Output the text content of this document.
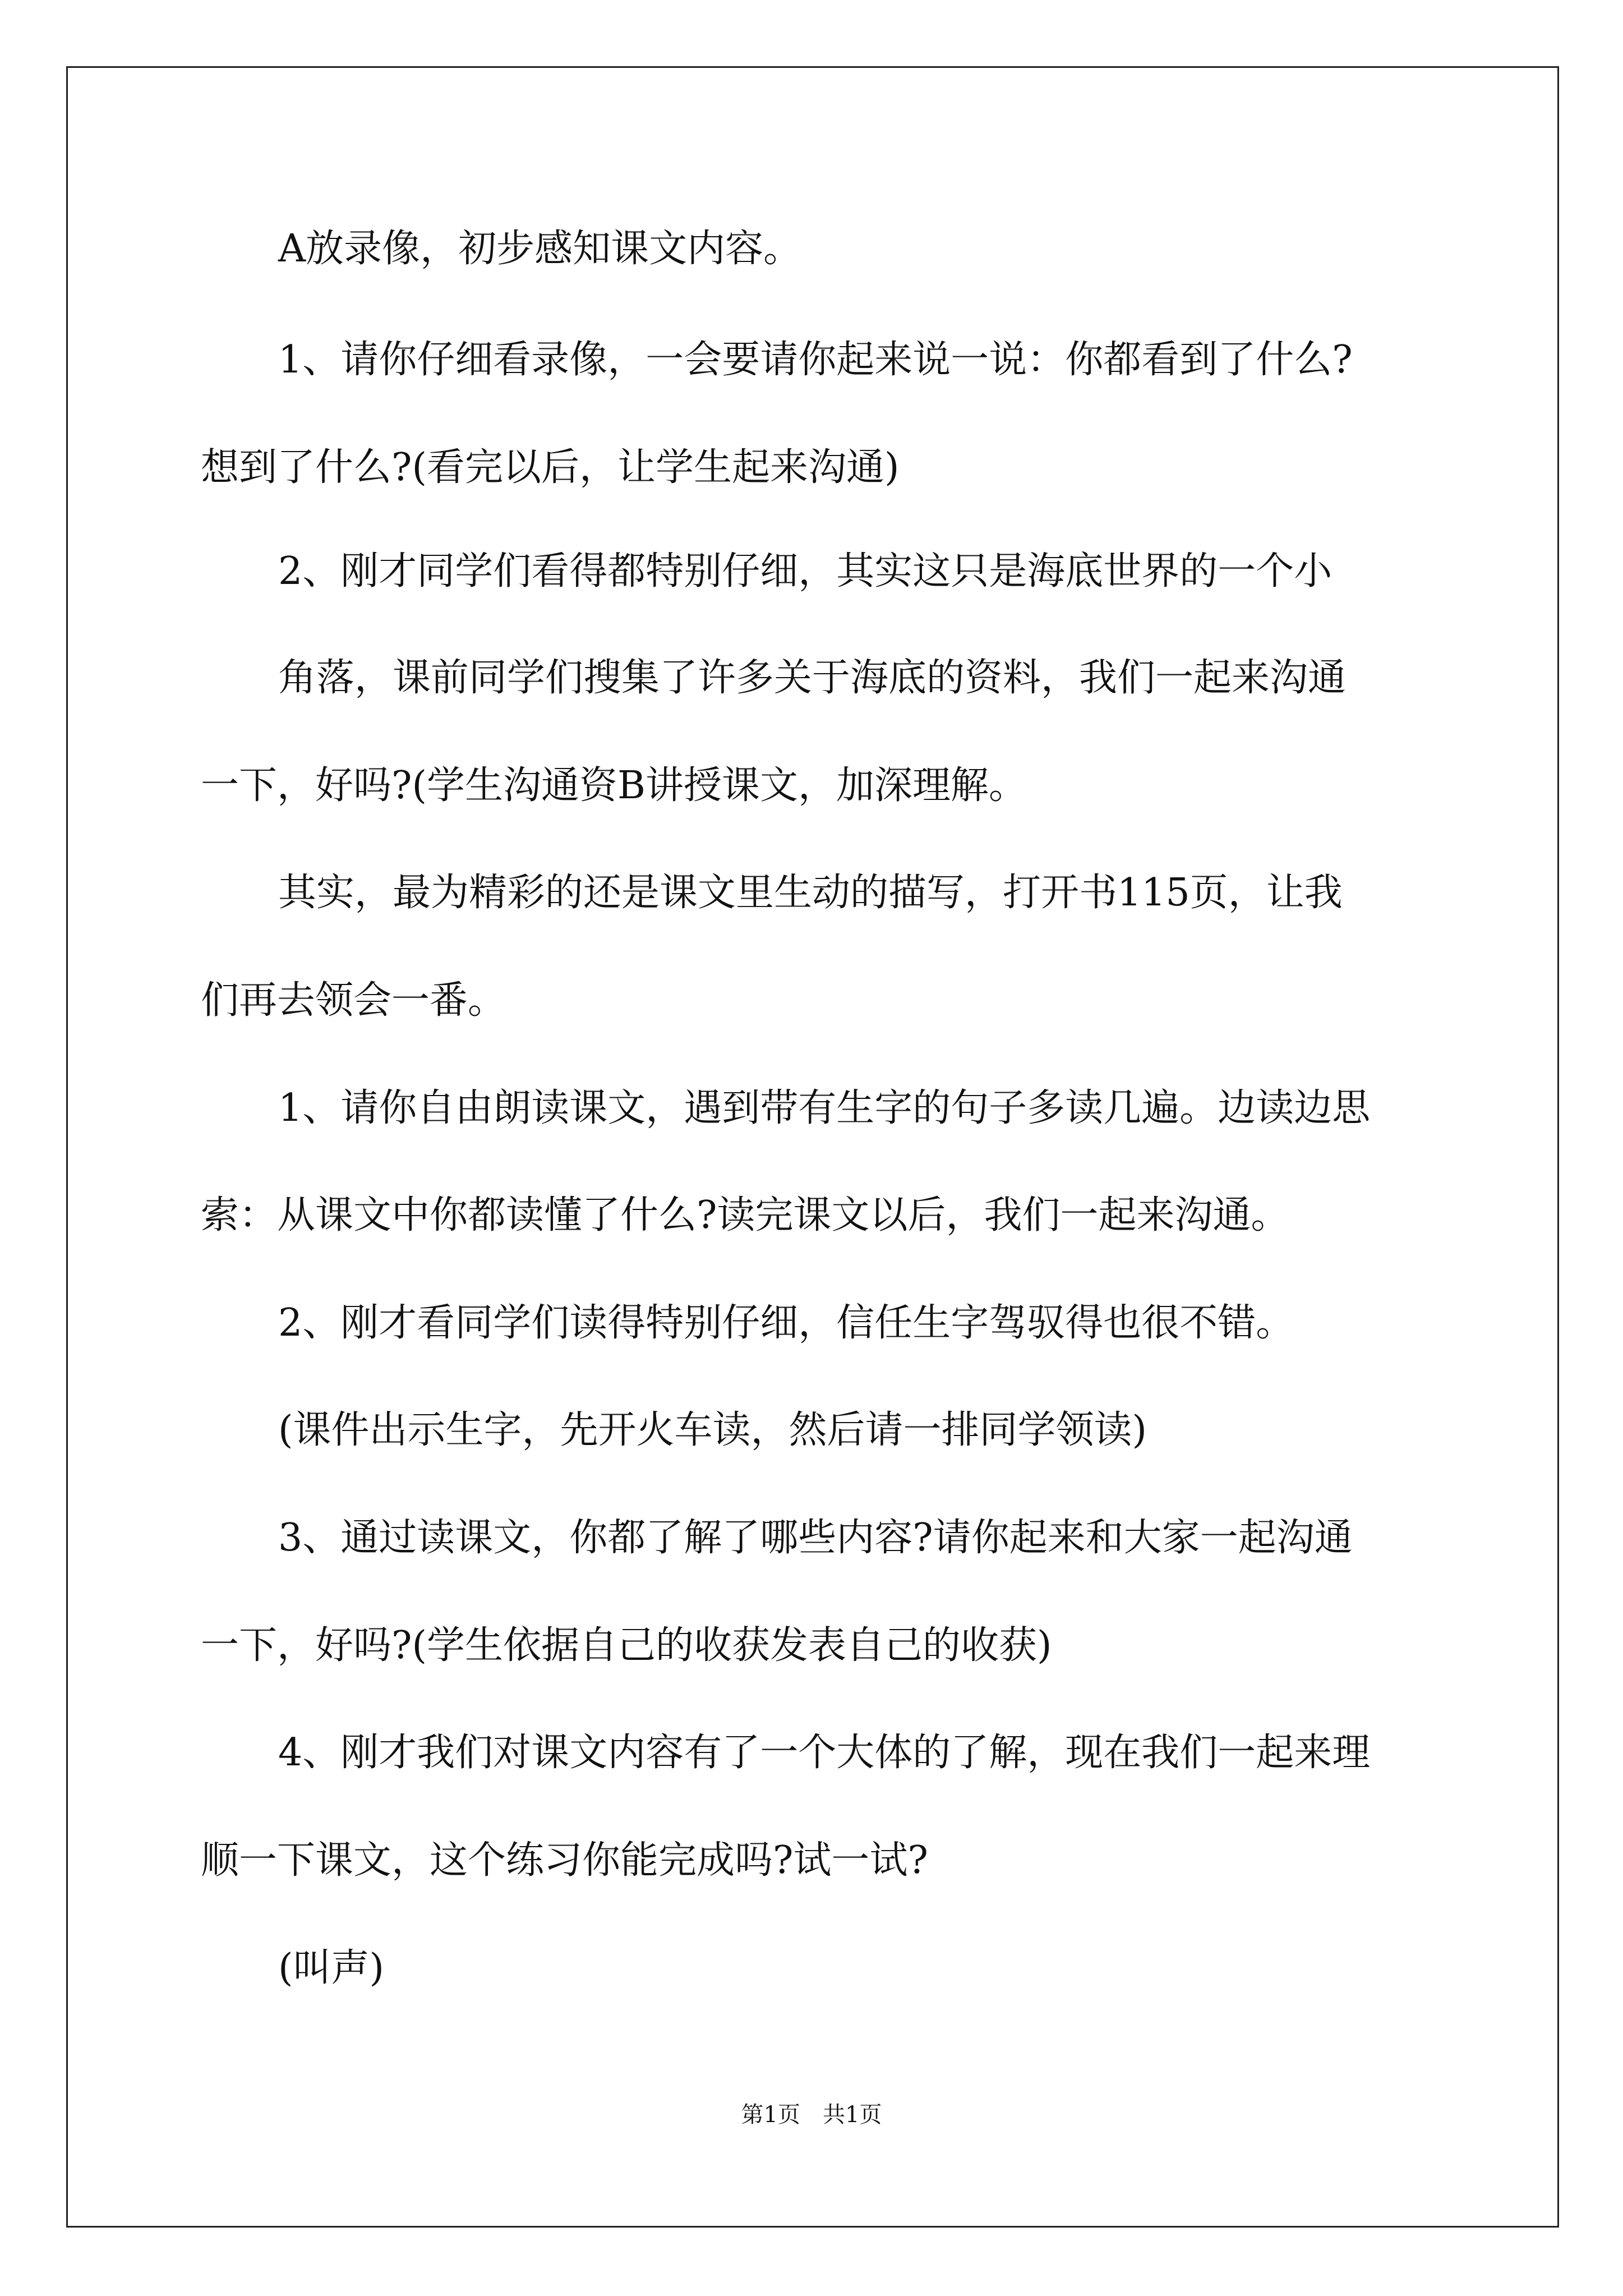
A放录像，初步感知课文内容。
1、请你仔细看录像，一会要请你起来说一说：你都看到了什么?
想到了什么?(看完以后，让学生起来沟通)
2、刚才同学们看得都特别仔细，其实这只是海底世界的一个小
角落，课前同学们搜集了许多关于海底的资料，我们一起来沟通
一下，好吗?(学生沟通资B讲授课文，加深理解。
其实，最为精彩的还是课文里生动的描写，打开书115页，让我
们再去领会一番。
1、请你自由朗读课文，遇到带有生字的句子多读几遍。边读边思
索：从课文中你都读懂了什么?读完课文以后，我们一起来沟通。
2、刚才看同学们读得特别仔细，信任生字驾驭得也很不错。
(课件出示生字，先开火车读，然后请一排同学领读)
3、通过读课文，你都了解了哪些内容?请你起来和大家一起沟通
一下，好吗?(学生依据自己的收获发表自己的收获)
4、刚才我们对课文内容有了一个大体的了解，现在我们一起来理
顺一下课文，这个练习你能完成吗?试一试?
(叫声)
第1页　共1页
